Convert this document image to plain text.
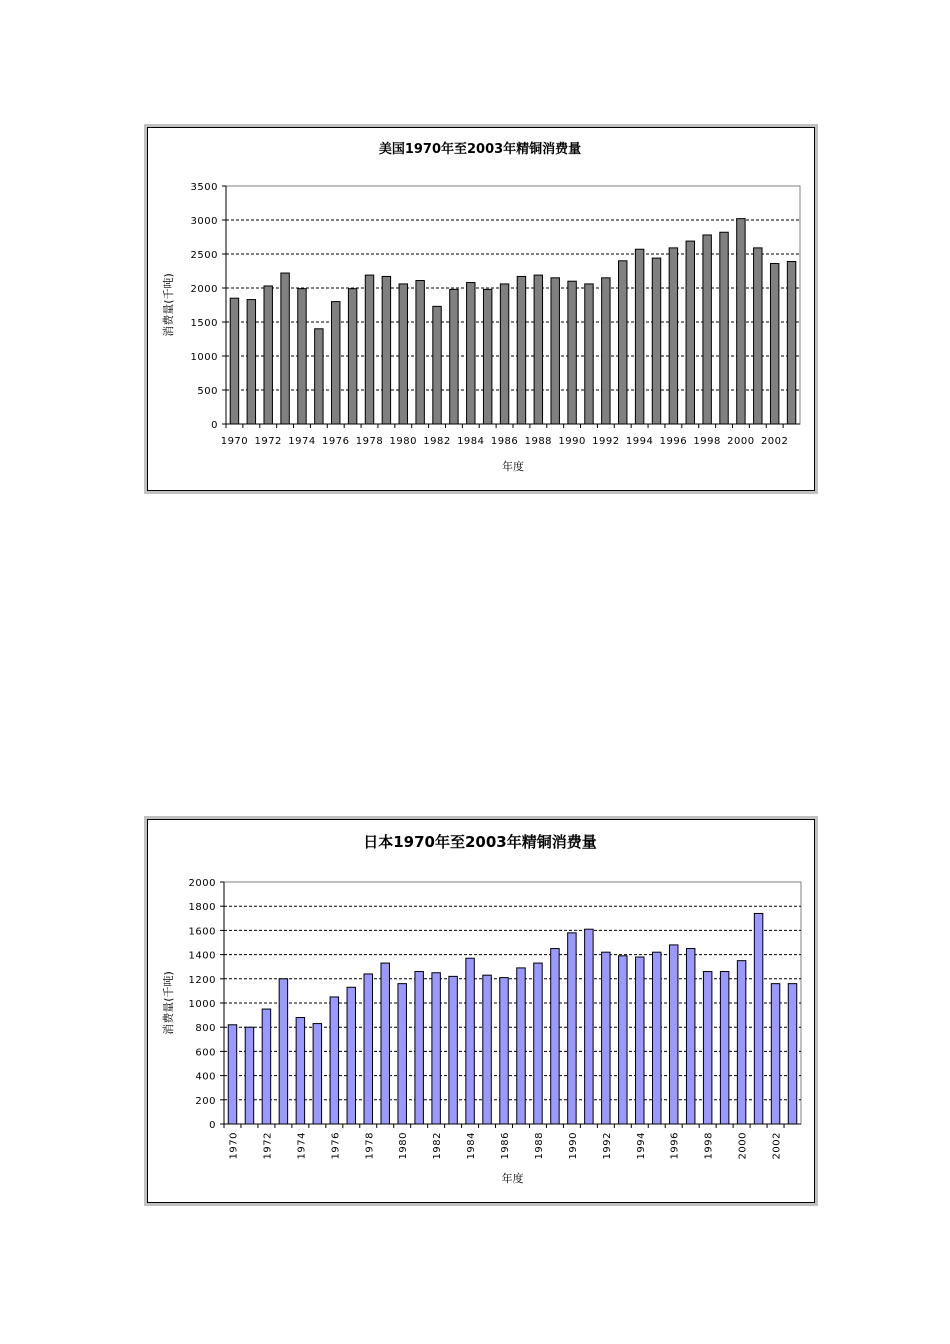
美国1970年至2003年精铜消费量
0
500
1000
1500
2000
2500
3000
3500
1970 1972 1974 1976 1978 1980 1982 1984 1986 1988 1990 1992 1994 1996 1998 2000 2002
年度
消费量(千吨)
日本1970年至2003年精铜消费量
0
200
400
600
800
1000
1200
1400
1600
1800
2000
1970 1972 1974 1976 1978 1980 1982 1984 1986 1988 1990 1992 1994 1996 1998 2000 2002
年度
消费量(千吨)
